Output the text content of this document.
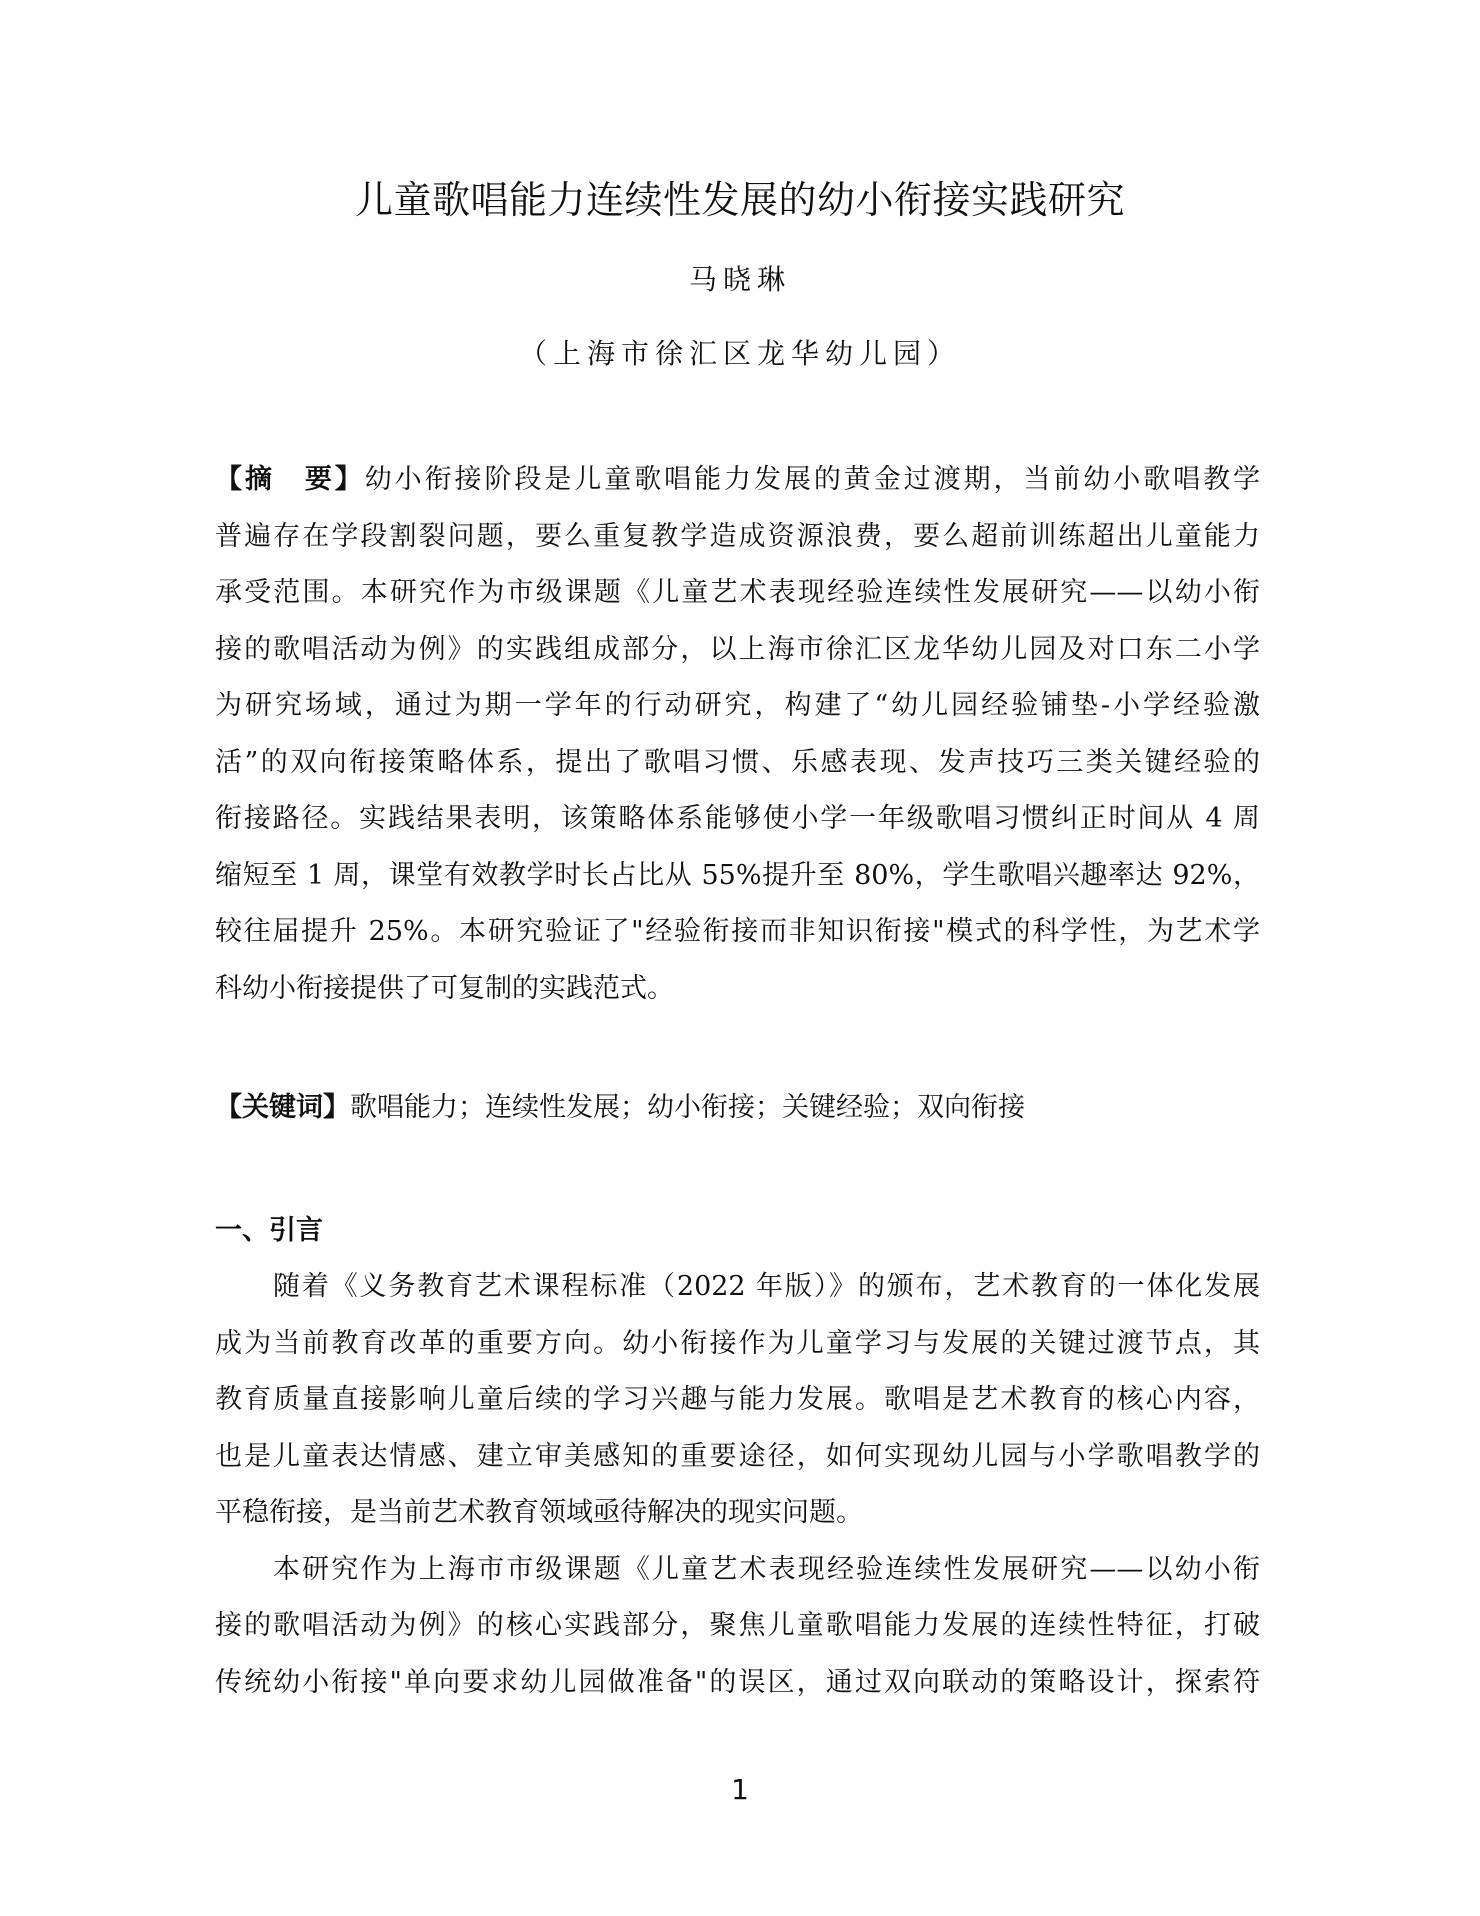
儿童歌唱能力连续性发展的幼小衔接实践研究
马晓琳
（上海市徐汇区龙华幼儿园）
【摘　要】幼小衔接阶段是儿童歌唱能力发展的黄金过渡期，当前幼小歌唱教学
普遍存在学段割裂问题，要么重复教学造成资源浪费，要么超前训练超出儿童能力
承受范围。本研究作为市级课题《儿童艺术表现经验连续性发展研究——以幼小衔
接的歌唱活动为例》的实践组成部分，以上海市徐汇区龙华幼儿园及对口东二小学
为研究场域，通过为期一学年的行动研究，构建了“幼儿园经验铺垫-小学经验激
活”的双向衔接策略体系，提出了歌唱习惯、乐感表现、发声技巧三类关键经验的
衔接路径。实践结果表明，该策略体系能够使小学一年级歌唱习惯纠正时间从 4 周
缩短至 1 周，课堂有效教学时长占比从 55%提升至 80%，学生歌唱兴趣率达 92%，
较往届提升 25%。本研究验证了"经验衔接而非知识衔接"模式的科学性，为艺术学
科幼小衔接提供了可复制的实践范式。
【关键词】歌唱能力；连续性发展；幼小衔接；关键经验；双向衔接
一、引言
随着《义务教育艺术课程标准（2022 年版）》的颁布，艺术教育的一体化发展
成为当前教育改革的重要方向。幼小衔接作为儿童学习与发展的关键过渡节点，其
教育质量直接影响儿童后续的学习兴趣与能力发展。歌唱是艺术教育的核心内容，
也是儿童表达情感、建立审美感知的重要途径，如何实现幼儿园与小学歌唱教学的
平稳衔接，是当前艺术教育领域亟待解决的现实问题。
本研究作为上海市市级课题《儿童艺术表现经验连续性发展研究——以幼小衔
接的歌唱活动为例》的核心实践部分，聚焦儿童歌唱能力发展的连续性特征，打破
传统幼小衔接"单向要求幼儿园做准备"的误区，通过双向联动的策略设计，探索符
1
